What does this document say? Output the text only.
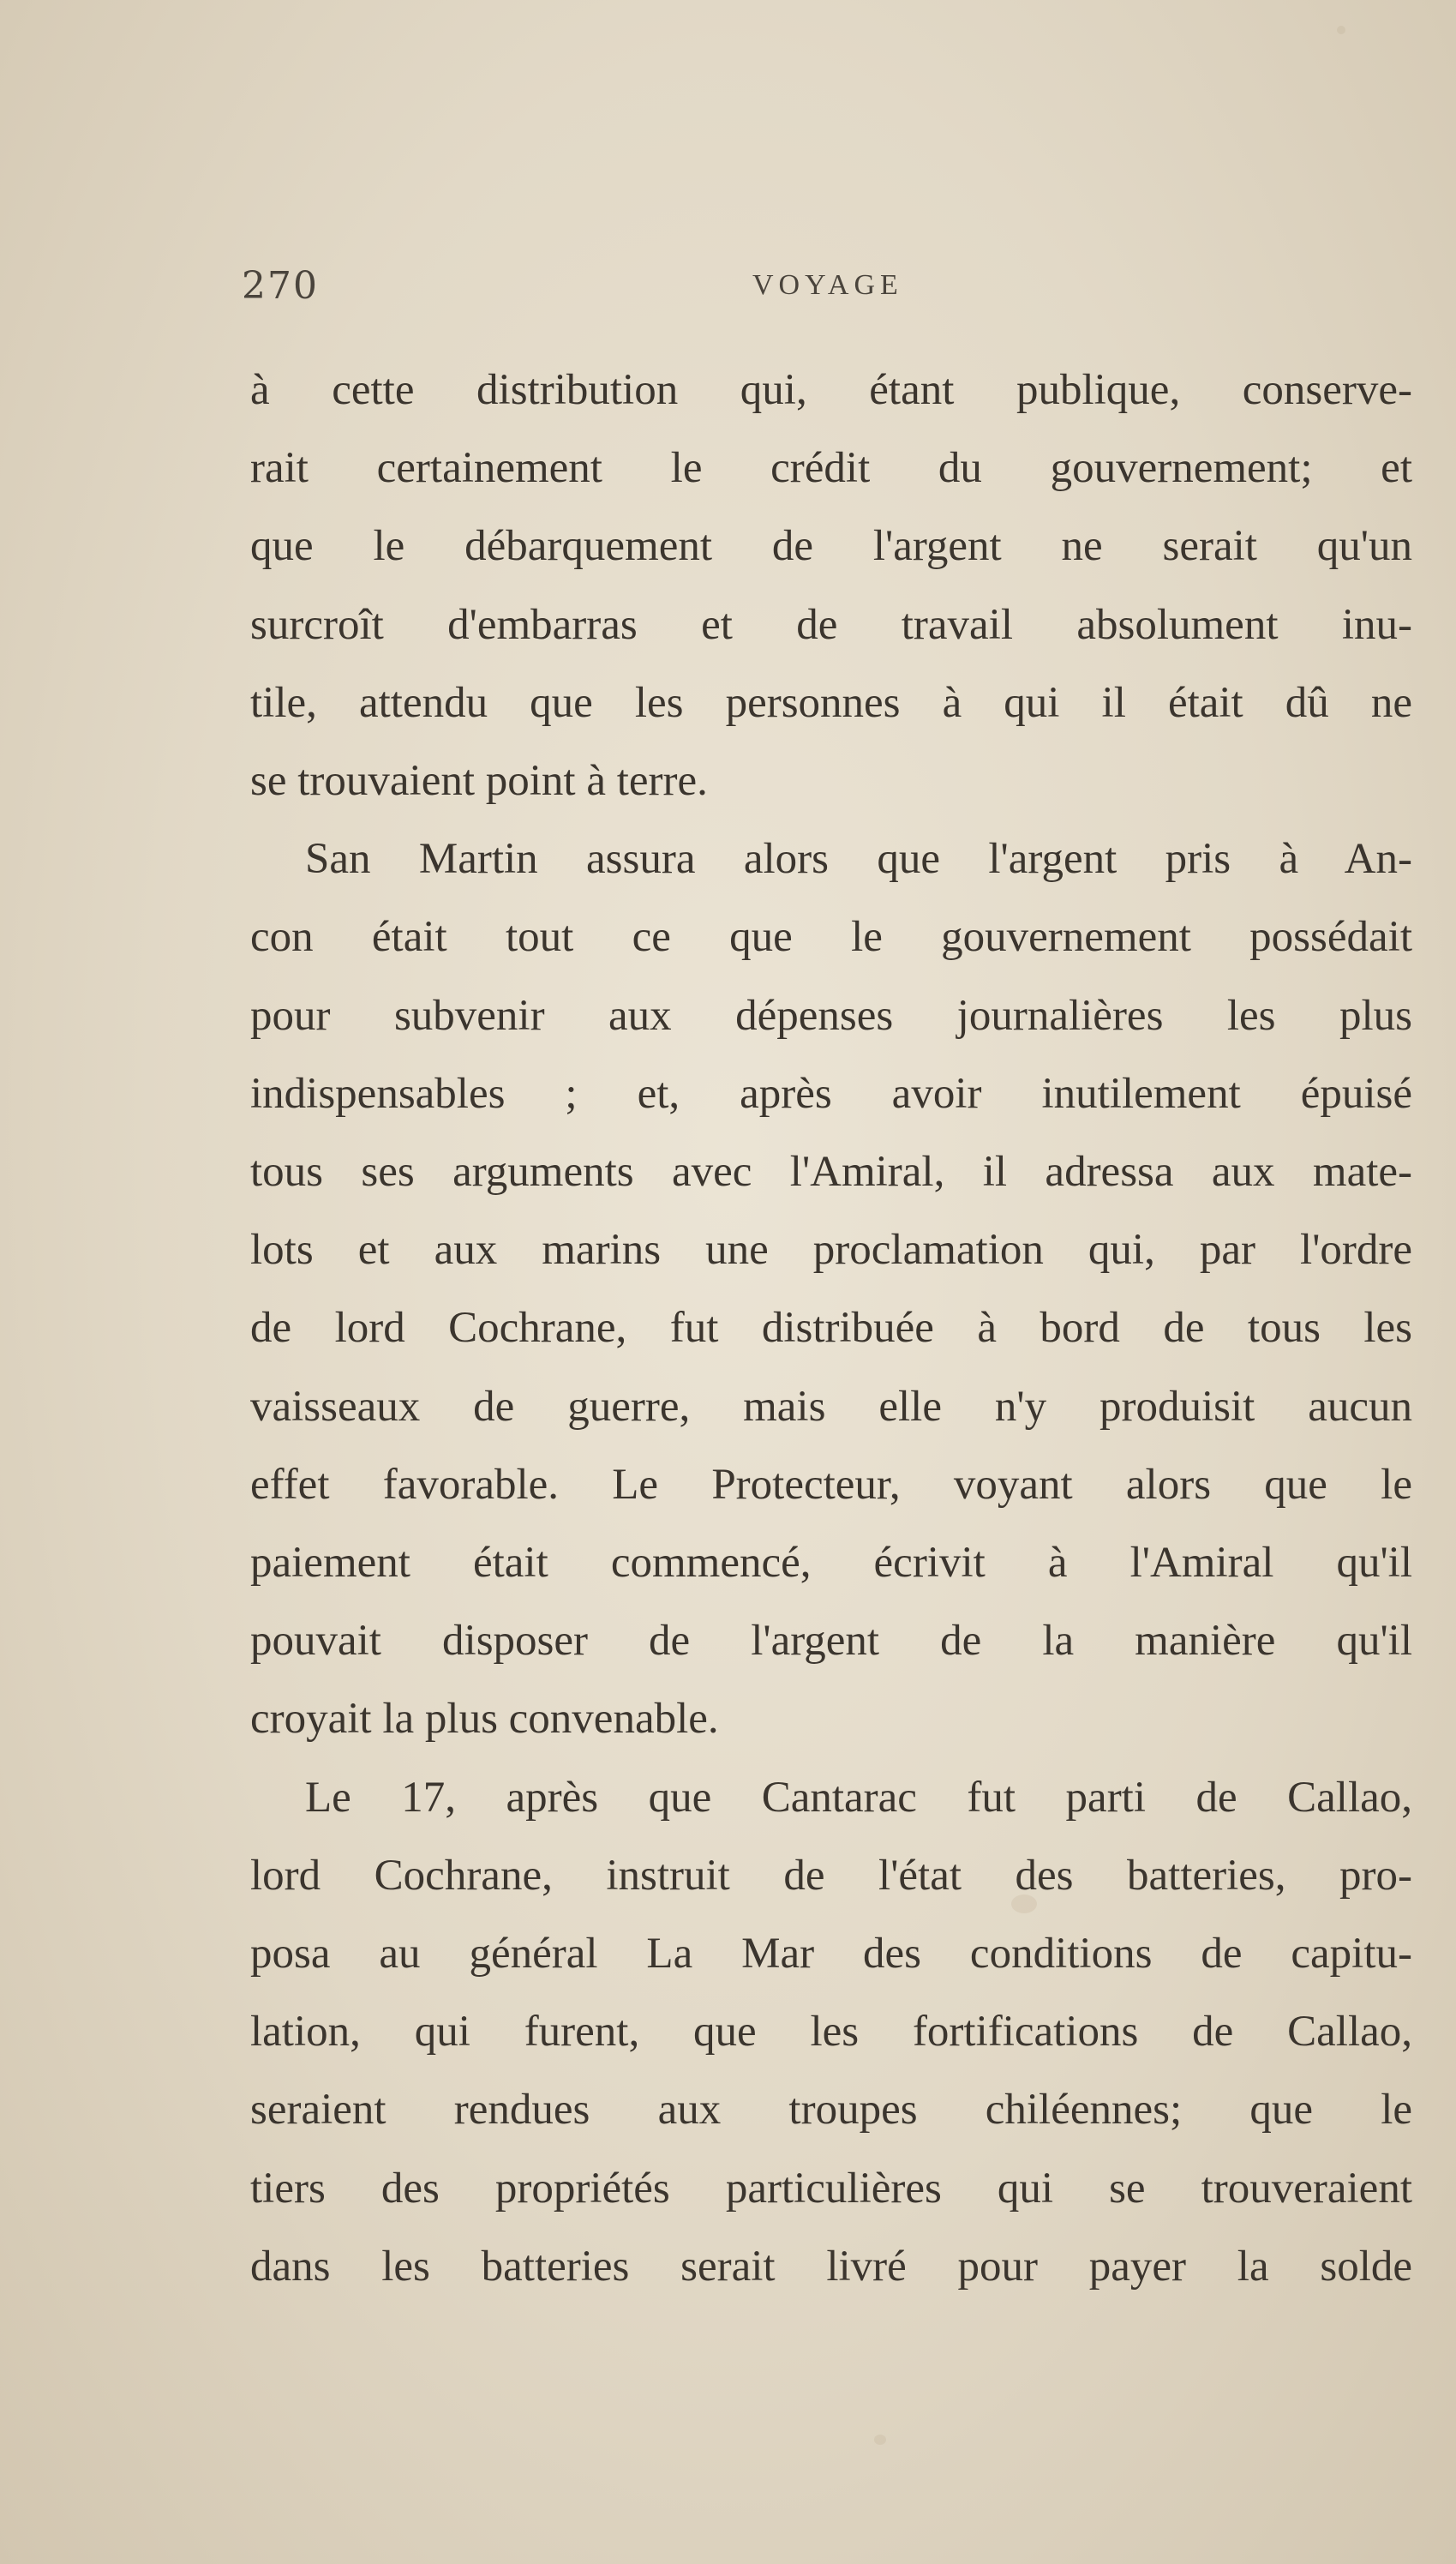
270	VOYAGE
à cette distribution qui, étant publique, conserve-
rait certainement le crédit du gouvernement; et
que le débarquement de l'argent ne serait qu'un
surcroît d'embarras et de travail absolument inu-
tile, attendu que les personnes à qui il était dû ne
se trouvaient point à terre.
San Martin assura alors que l'argent pris à An-
con était tout ce que le gouvernement possédait
pour subvenir aux dépenses journalières les plus
indispensables ; et, après avoir inutilement épuisé
tous ses arguments avec l'Amiral, il adressa aux mate-
lots et aux marins une proclamation qui, par l'ordre
de lord Cochrane, fut distribuée à bord de tous les
vaisseaux de guerre, mais elle n'y produisit aucun
effet favorable. Le Protecteur, voyant alors que le
paiement était commencé, écrivit à l'Amiral qu'il
pouvait disposer de l'argent de la manière qu'il
croyait la plus convenable.
Le 17, après que Cantarac fut parti de Callao,
lord Cochrane, instruit de l'état des batteries, pro-
posa au général La Mar des conditions de capitu-
lation, qui furent, que les fortifications de Callao,
seraient rendues aux troupes chiléennes; que le
tiers des propriétés particulières qui se trouveraient
dans les batteries serait livré pour payer la solde
